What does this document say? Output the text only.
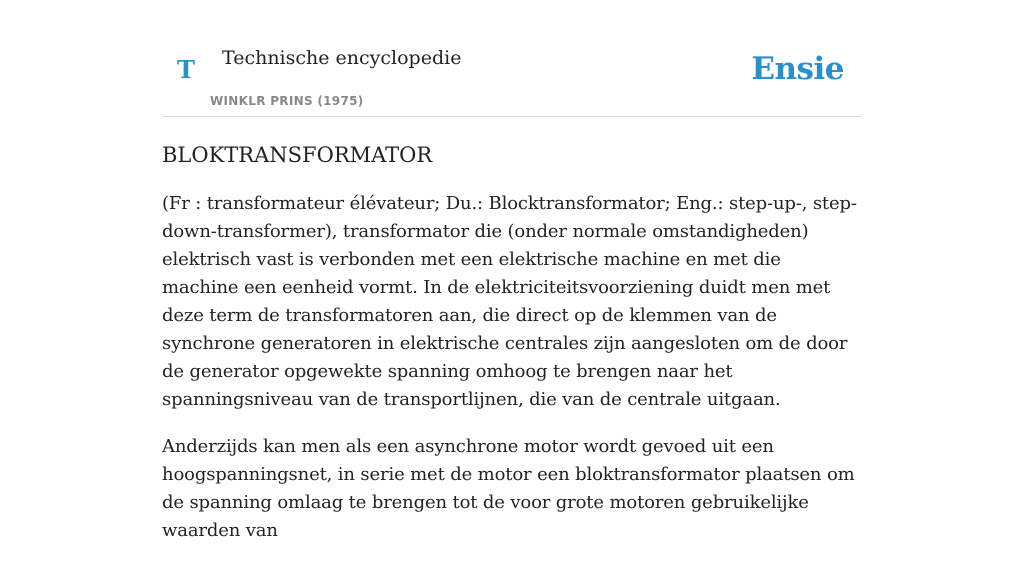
T Technische encyclopedie
WINKLR PRINS (1975)
Ensie
BLOKTRANSFORMATOR

(Fr : transformateur élévateur; Du.: Blocktransformator; Eng.: step-up-, step-down-transformer), transformator die (onder normale omstandigheden) elektrisch vast is verbonden met een elektrische machine en met die machine een eenheid vormt. In de elektriciteitsvoorziening duidt men met deze term de transformatoren aan, die direct op de klemmen van de synchrone generatoren in elektrische centrales zijn aangesloten om de door de generator opgewekte spanning omhoog te brengen naar het spanningsniveau van de transportlijnen, die van de centrale uitgaan.

Anderzijds kan men als een asynchrone motor wordt gevoed uit een hoogspanningsnet, in serie met de motor een bloktransformator plaatsen om de spanning omlaag te brengen tot de voor grote motoren gebruikelijke waarden van
